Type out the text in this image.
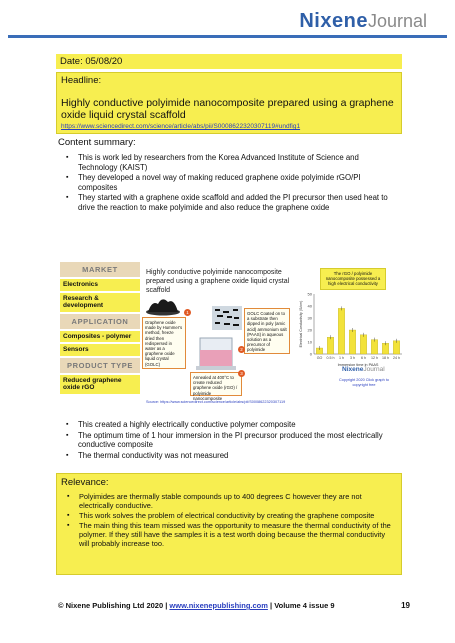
NixeneJournal
Date: 05/08/20
Headline:
Highly conductive polyimide nanocomposite prepared using a graphene oxide liquid crystal scaffold
https://www.sciencedirect.com/science/article/abs/pii/S0008622320307119#undfig1
Content summary:
▪ This is work led by researchers from the Korea Advanced Institute of Science and Technology (KAIST)
▪ They developed a novel way of making reduced graphene oxide polyimide rGO/PI composites
▪ They started with a graphene oxide scaffold and added the PI precursor then used heat to drive the reaction to make polyimide and also reduce the graphene oxide
MARKET
Electronics
Research & development
APPLICATION
Composites - polymer
Sensors
PRODUCT TYPE
Reduced graphene oxide rGO
Highly conductive polyimide nanocomposite prepared using a graphene oxide liquid crystal scaffold
Graphene oxide made by Hummer's method, freeze dried then redispersed in water as a graphene oxide liquid crystal (GOLC)
1	GOLC Coated on to a substrate then dipped in poly (amic acid) ammonium salt (PAAS) in aqueous solution as a precursor of polyimide
2
Annealed at 400°C to create reduced graphene oxide (rGO) / polyimide nanocomposite
3
The rGO / polyimide nanocomposite possessed a high electrical conductivity
0
10
20
30
40
50
GO 0.5 h 1 h 3 h 6 h 12 h 18 h 24 h
Immersion time in PAAS
Electrical Conductivity (S/cm)
NixeneJournal
Copyright 2020 Click graph to copyright free
Source: https://www.sciencedirect.com/science/article/abs/pii/S0008622320307119
▪ This created a highly electrically conductive polymer composite
▪ The optimum time of 1 hour immersion in the PI precursor produced the most electrically conductive composite
▪ The thermal conductivity was not measured
Relevance:
▪ Polyimides are thermally stable compounds up to 400 degrees C however they are not electrically conductive.
▪ This work solves the problem of electrical conductivity by creating the graphene composite
▪ The main thing this team missed was the opportunity to measure the thermal conductivity of the polymer. If they still have the samples it is a test worth doing because the thermal conductivity will probably increase too.
© Nixene Publishing Ltd 2020 | www.nixenepublishing.com | Volume 4 issue 9	19
